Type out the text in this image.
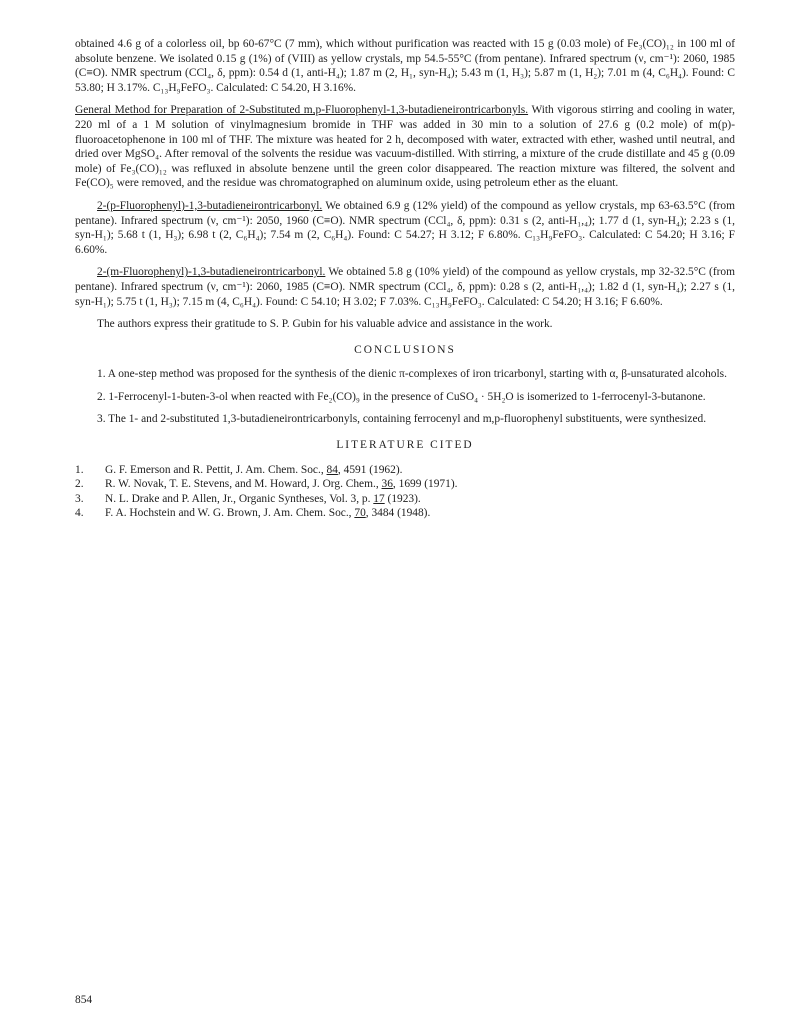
obtained 4.6 g of a colorless oil, bp 60-67°C (7 mm), which without purification was reacted with 15 g (0.03 mole) of Fe₃(CO)₁₂ in 100 ml of absolute benzene. We isolated 0.15 g (1%) of (VIII) as yellow crystals, mp 54.5-55°C (from pentane). Infrared spectrum (ν, cm⁻¹): 2060, 1985 (C≡O). NMR spectrum (CCl₄, δ, ppm): 0.54 d (1, anti-H₄); 1.87 m (2, H₁, syn-H₄); 5.43 m (1, H₃); 5.87 m (1, H₂); 7.01 m (4, C₆H₄). Found: C 53.80; H 3.17%. C₁₃H₉FeFO₃. Calculated: C 54.20, H 3.16%.

General Method for Preparation of 2-Substituted m,p-Fluorophenyl-1,3-butadieneirontricarbonyls. With vigorous stirring and cooling in water, 220 ml of a 1 M solution of vinylmagnesium bromide in THF was added in 30 min to a solution of 27.6 g (0.2 mole) of m(p)-fluoroacetophenone in 100 ml of THF. The mixture was heated for 2 h, decomposed with water, extracted with ether, washed until neutral, and dried over MgSO₄. After removal of the solvents the residue was vacuum-distilled. With stirring, a mixture of the crude distillate and 45 g (0.09 mole) of Fe₃(CO)₁₂ was refluxed in absolute benzene until the green color disappeared. The reaction mixture was filtered, the solvent and Fe(CO)₅ were removed, and the residue was chromatographed on aluminum oxide, using petroleum ether as the eluant.

2-(p-Fluorophenyl)-1,3-butadieneirontricarbonyl. We obtained 6.9 g (12% yield) of the compound as yellow crystals, mp 63-63.5°C (from pentane). Infrared spectrum (ν, cm⁻¹): 2050, 1960 (C≡O). NMR spectrum (CCl₄, δ, ppm): 0.31 s (2, anti-H₁,₄); 1.77 d (1, syn-H₄); 2.23 s (1, syn-H₁); 5.68 t (1, H₃); 6.98 t (2, C₆H₄); 7.54 m (2, C₆H₄). Found: C 54.27; H 3.12; F 6.80%. C₁₃H₉FeFO₃. Calculated: C 54.20; H 3.16; F 6.60%.

2-(m-Fluorophenyl)-1,3-butadieneirontricarbonyl. We obtained 5.8 g (10% yield) of the compound as yellow crystals, mp 32-32.5°C (from pentane). Infrared spectrum (ν, cm⁻¹): 2060, 1985 (C≡O). NMR spectrum (CCl₄, δ, ppm): 0.28 s (2, anti-H₁,₄); 1.82 d (1, syn-H₄); 2.27 s (1, syn-H₁); 5.75 t (1, H₃); 7.15 m (4, C₆H₄). Found: C 54.10; H 3.02; F 7.03%. C₁₃H₉FeFO₃. Calculated: C 54.20; H 3.16; F 6.60%.

The authors express their gratitude to S. P. Gubin for his valuable advice and assistance in the work.

CONCLUSIONS

1. A one-step method was proposed for the synthesis of the dienic π-complexes of iron tricarbonyl, starting with α, β-unsaturated alcohols.

2. 1-Ferrocenyl-1-buten-3-ol when reacted with Fe₂(CO)₉ in the presence of CuSO₄ · 5H₂O is isomerized to 1-ferrocenyl-3-butanone.

3. The 1- and 2-substituted 1,3-butadieneirontricarbonyls, containing ferrocenyl and m,p-fluorophenyl substituents, were synthesized.

LITERATURE CITED
1.	G. F. Emerson and R. Pettit, J. Am. Chem. Soc., 84, 4591 (1962).
2.	R. W. Novak, T. E. Stevens, and M. Howard, J. Org. Chem., 36, 1699 (1971).
3.	N. L. Drake and P. Allen, Jr., Organic Syntheses, Vol. 3, p. 17 (1923).
4.	F. A. Hochstein and W. G. Brown, J. Am. Chem. Soc., 70, 3484 (1948).
854
